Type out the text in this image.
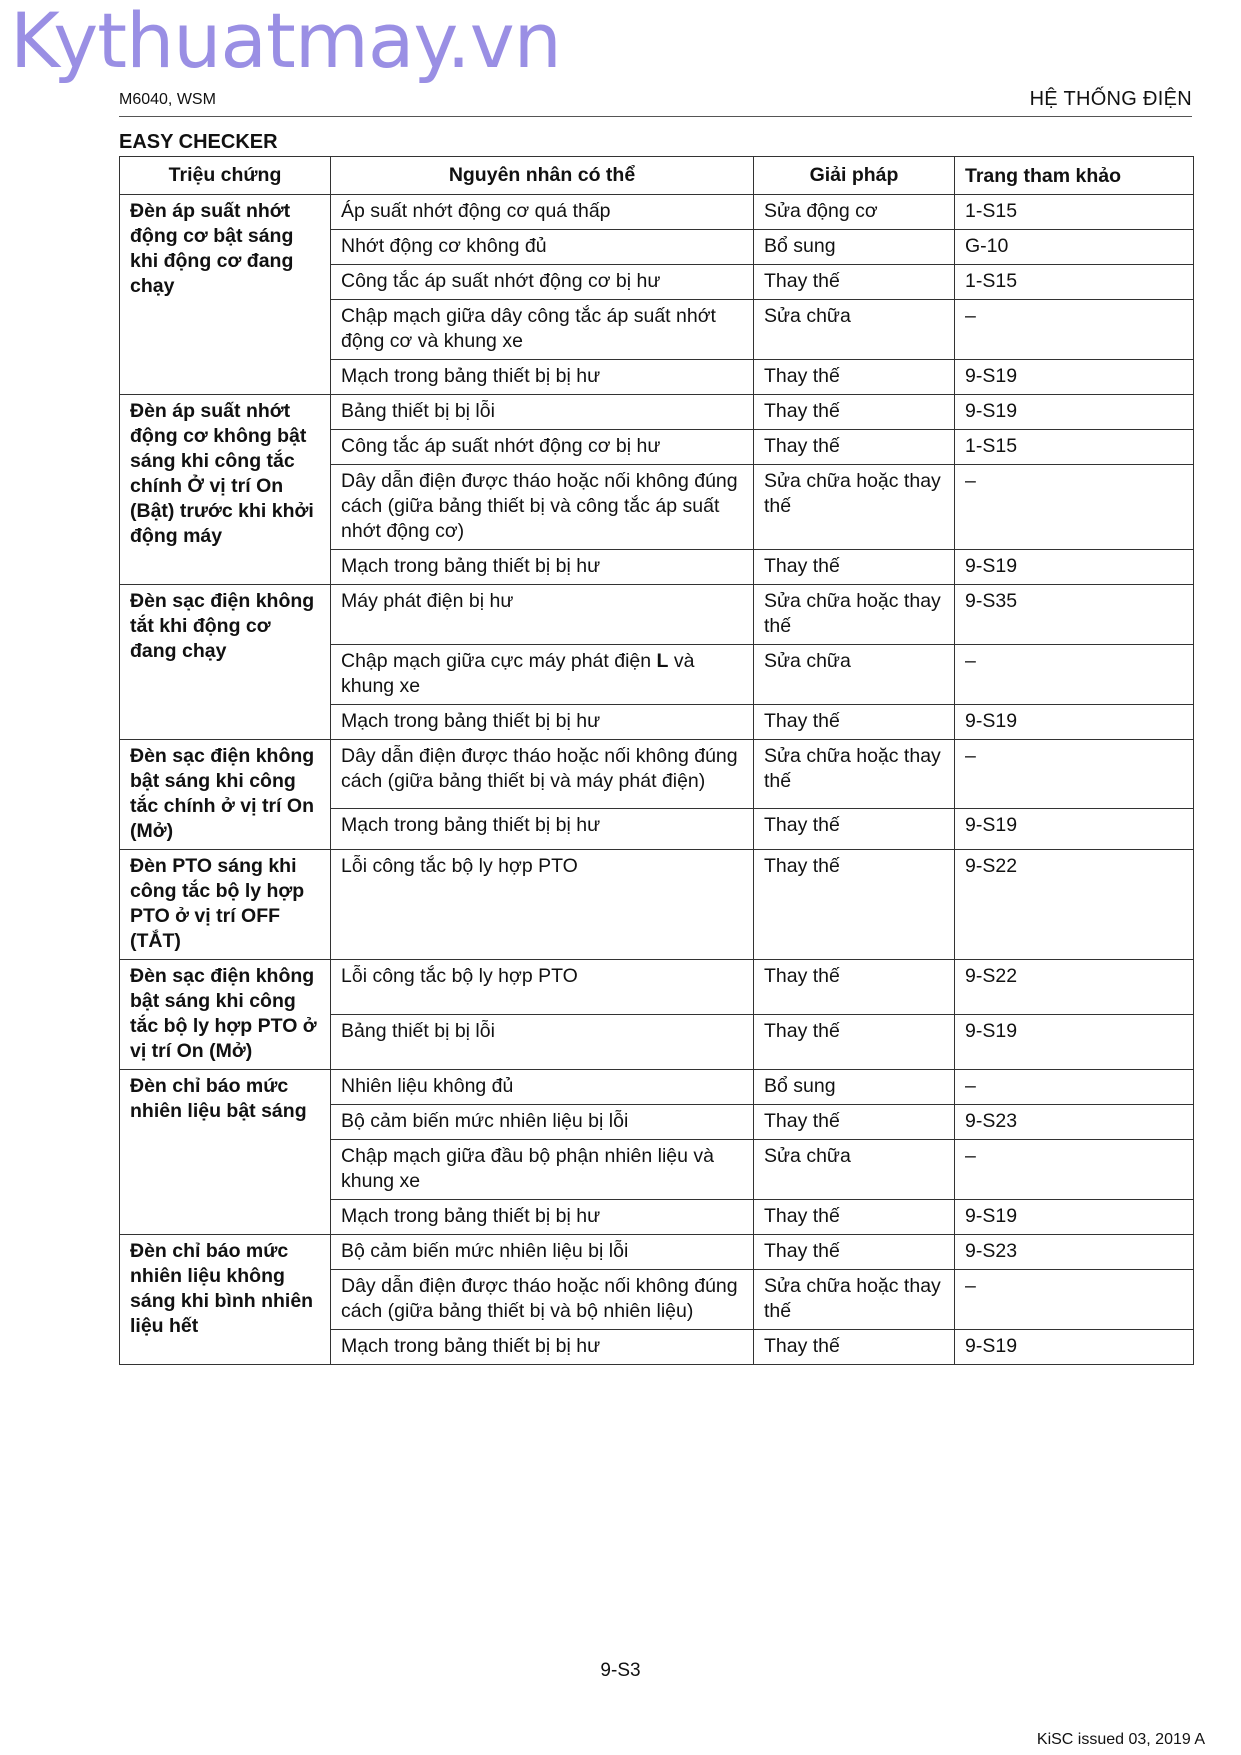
Kythuatmay.vn
M6040, WSM	HỆ THỐNG ĐIỆN
EASY CHECKER
Triệu chứng	Nguyên nhân có thể	Giải pháp	Trang tham khảo
Đèn áp suất nhớt động cơ bật sáng khi động cơ đang chạy	Áp suất nhớt động cơ quá thấp	Sửa động cơ	1-S15
	Nhớt động cơ không đủ	Bổ sung	G-10
	Công tắc áp suất nhớt động cơ bị hư	Thay thế	1-S15
	Chập mạch giữa dây công tắc áp suất nhớt động cơ và khung xe	Sửa chữa	–
	Mạch trong bảng thiết bị bị hư	Thay thế	9-S19
Đèn áp suất nhớt động cơ không bật sáng khi công tắc chính Ở vị trí On (Bật) trước khi khởi động máy	Bảng thiết bị bị lỗi	Thay thế	9-S19
	Công tắc áp suất nhớt động cơ bị hư	Thay thế	1-S15
	Dây dẫn điện được tháo hoặc nối không đúng cách (giữa bảng thiết bị và công tắc áp suất nhớt động cơ)	Sửa chữa hoặc thay thế	–
	Mạch trong bảng thiết bị bị hư	Thay thế	9-S19
Đèn sạc điện không tắt khi động cơ đang chạy	Máy phát điện bị hư	Sửa chữa hoặc thay thế	9-S35
	Chập mạch giữa cực máy phát điện L và khung xe	Sửa chữa	–
	Mạch trong bảng thiết bị bị hư	Thay thế	9-S19
Đèn sạc điện không bật sáng khi công tắc chính ở vị trí On (Mở)	Dây dẫn điện được tháo hoặc nối không đúng cách (giữa bảng thiết bị và máy phát điện)	Sửa chữa hoặc thay thế	–
	Mạch trong bảng thiết bị bị hư	Thay thế	9-S19
Đèn PTO sáng khi công tắc bộ ly hợp PTO ở vị trí OFF (TẮT)	Lỗi công tắc bộ ly hợp PTO	Thay thế	9-S22
Đèn sạc điện không bật sáng khi công tắc bộ ly hợp PTO ở vị trí On (Mở)	Lỗi công tắc bộ ly hợp PTO	Thay thế	9-S22
	Bảng thiết bị bị lỗi	Thay thế	9-S19
Đèn chỉ báo mức nhiên liệu bật sáng	Nhiên liệu không đủ	Bổ sung	–
	Bộ cảm biến mức nhiên liệu bị lỗi	Thay thế	9-S23
	Chập mạch giữa đầu bộ phận nhiên liệu và khung xe	Sửa chữa	–
	Mạch trong bảng thiết bị bị hư	Thay thế	9-S19
Đèn chỉ báo mức nhiên liệu không sáng khi bình nhiên liệu hết	Bộ cảm biến mức nhiên liệu bị lỗi	Thay thế	9-S23
	Dây dẫn điện được tháo hoặc nối không đúng cách (giữa bảng thiết bị và bộ nhiên liệu)	Sửa chữa hoặc thay thế	–
	Mạch trong bảng thiết bị bị hư	Thay thế	9-S19
9-S3
KiSC issued 03, 2019 A
